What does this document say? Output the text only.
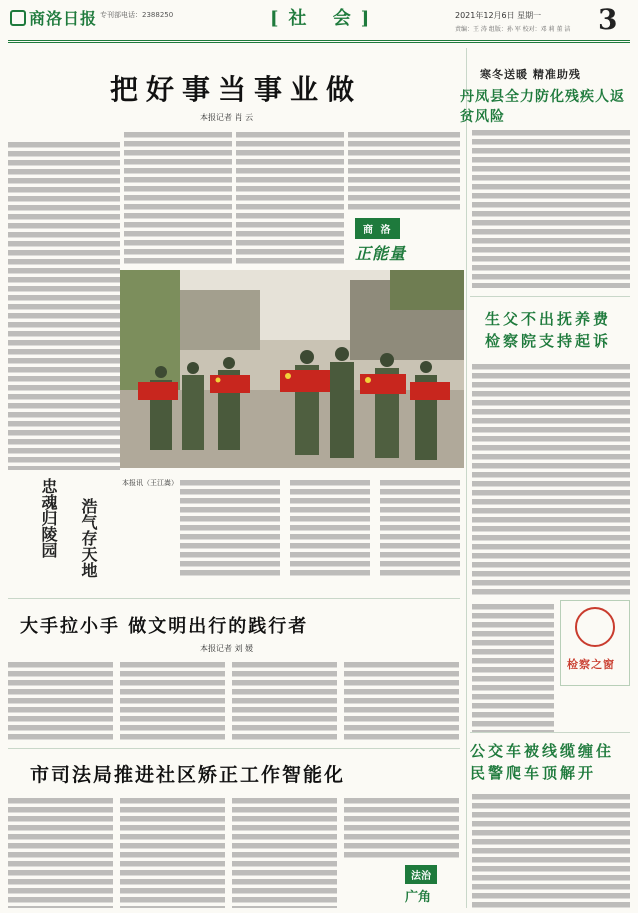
商洛日报 专刊部电话：2388250	[社 会]	2021年12月6日 星期一
责编：王 涛 组版：孙 军 校对：邓 莉 董 洁 3
把好事当事业做
本报记者 肖 云
商 洛
正能量
忠魂归陵园 浩气存天地
本报讯（王江嵩）
寒冬送暖 精准助残
丹凤县全力防化残疾人返贫风险
生父不出抚养费
检察院支持起诉
检察之窗
公交车被线缆缠住
民警爬车顶解开
大手拉小手 做文明出行的践行者
本报记者 刘 媛
市司法局推进社区矫正工作智能化
法治
广角
